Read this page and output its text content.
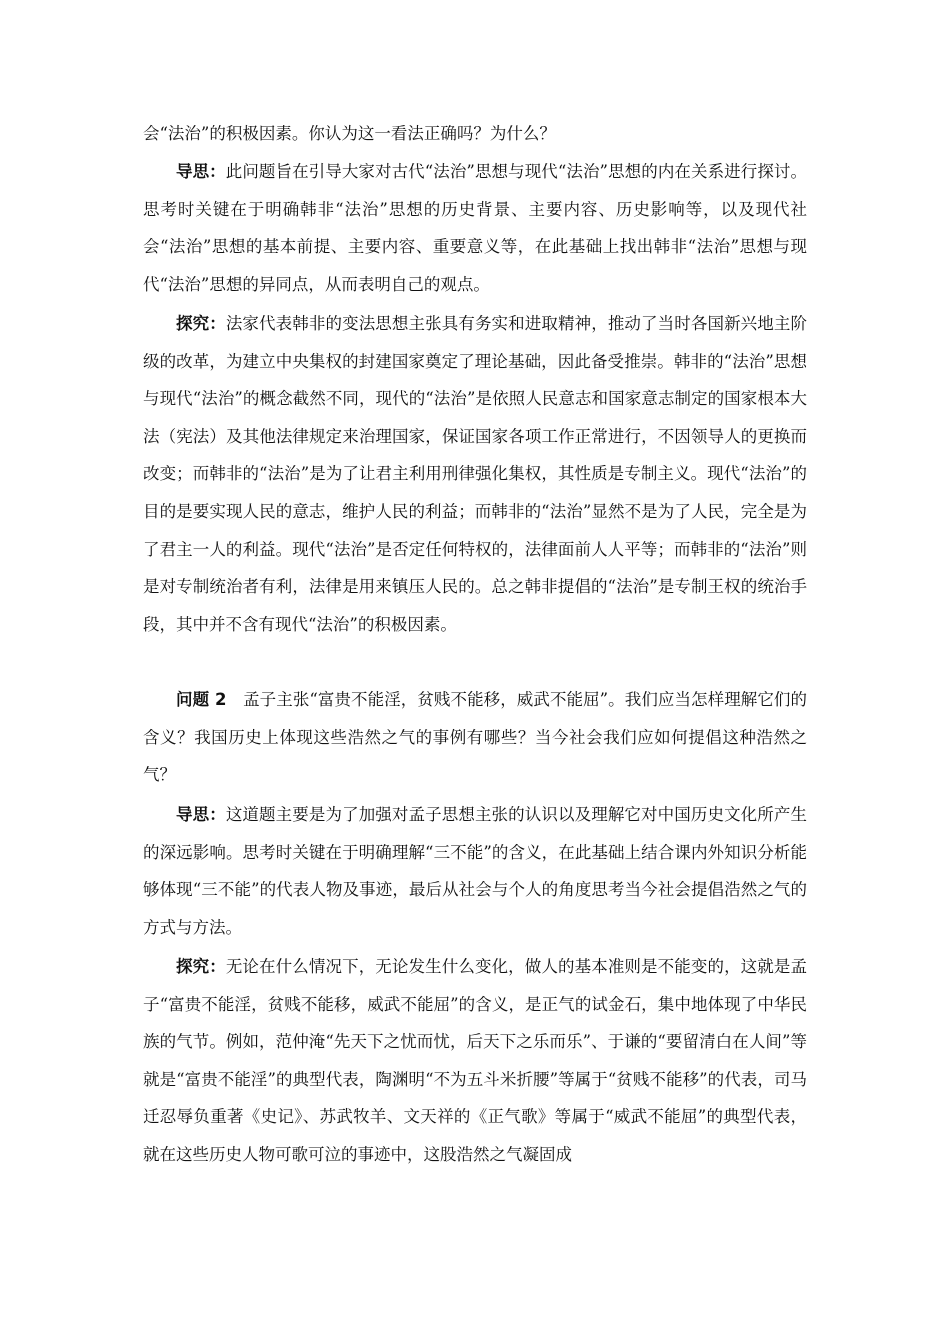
会“法治”的积极因素。你认为这一看法正确吗？为什么？

导思：此问题旨在引导大家对古代“法治”思想与现代“法治”思想的内在关系进行探讨。思考时关键在于明确韩非“法治”思想的历史背景、主要内容、历史影响等，以及现代社会“法治”思想的基本前提、主要内容、重要意义等，在此基础上找出韩非“法治”思想与现代“法治”思想的异同点，从而表明自己的观点。

探究：法家代表韩非的变法思想主张具有务实和进取精神，推动了当时各国新兴地主阶级的改革，为建立中央集权的封建国家奠定了理论基础，因此备受推崇。韩非的“法治”思想与现代“法治”的概念截然不同，现代的“法治”是依照人民意志和国家意志制定的国家根本大法（宪法）及其他法律规定来治理国家，保证国家各项工作正常进行，不因领导人的更换而改变；而韩非的“法治”是为了让君主利用刑律强化集权，其性质是专制主义。现代“法治”的目的是要实现人民的意志，维护人民的利益；而韩非的“法治”显然不是为了人民，完全是为了君主一人的利益。现代“法治”是否定任何特权的，法律面前人人平等；而韩非的“法治”则是对专制统治者有利，法律是用来镇压人民的。总之韩非提倡的“法治”是专制王权的统治手段，其中并不含有现代“法治”的积极因素。

问题 2　孟子主张“富贵不能淫，贫贱不能移，威武不能屈”。我们应当怎样理解它们的含义？我国历史上体现这些浩然之气的事例有哪些？当今社会我们应如何提倡这种浩然之气？

导思：这道题主要是为了加强对孟子思想主张的认识以及理解它对中国历史文化所产生的深远影响。思考时关键在于明确理解“三不能”的含义，在此基础上结合课内外知识分析能够体现“三不能”的代表人物及事迹，最后从社会与个人的角度思考当今社会提倡浩然之气的方式与方法。

探究：无论在什么情况下，无论发生什么变化，做人的基本准则是不能变的，这就是孟子“富贵不能淫，贫贱不能移，威武不能屈”的含义，是正气的试金石，集中地体现了中华民族的气节。例如，范仲淹“先天下之忧而忧，后天下之乐而乐”、于谦的“要留清白在人间”等就是“富贵不能淫”的典型代表，陶渊明“不为五斗米折腰”等属于“贫贱不能移”的代表，司马迁忍辱负重著《史记》、苏武牧羊、文天祥的《正气歌》等属于“威武不能屈”的典型代表，就在这些历史人物可歌可泣的事迹中，这股浩然之气凝固成
